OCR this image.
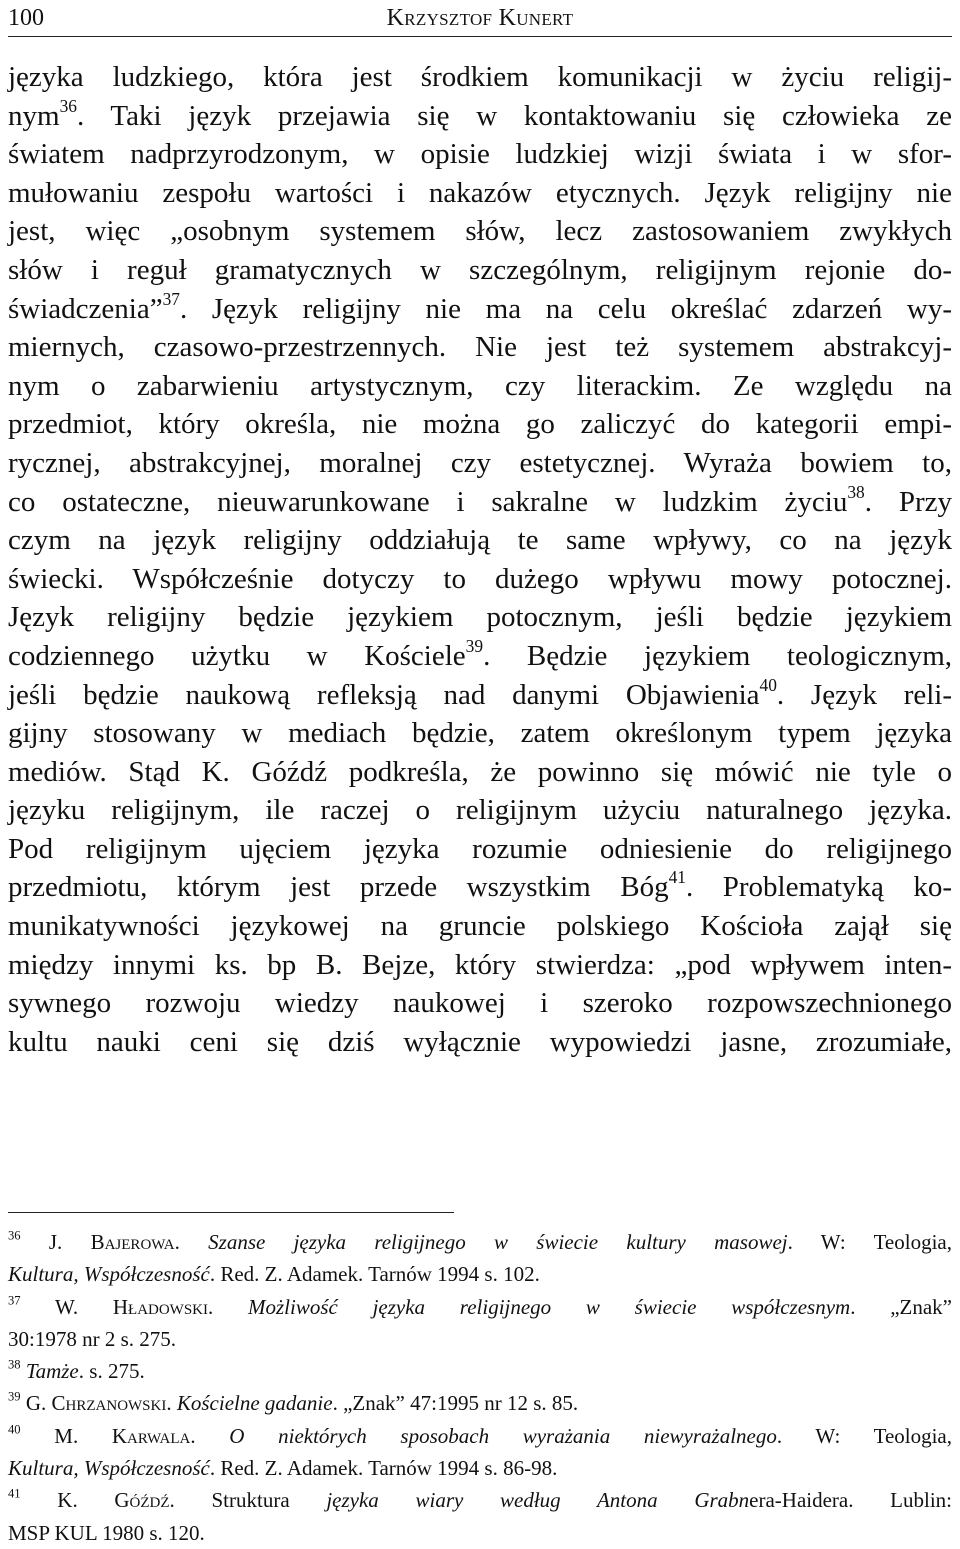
100	Krzysztof Kunert
języka ludzkiego, która jest środkiem komunikacji w życiu religij-
nym$^{36}$. Taki język przejawia się w kontaktowaniu się człowieka ze
światem nadprzyrodzonym, w opisie ludzkiej wizji świata i w sfor-
mułowaniu zespołu wartości i nakazów etycznych. Język religijny nie
jest, więc „osobnym systemem słów, lecz zastosowaniem zwykłych
słów i reguł gramatycznych w szczególnym, religijnym rejonie do-
świadczenia”$^{37}$. Język religijny nie ma na celu określać zdarzeń wy-
miernych, czasowo-przestrzennych. Nie jest też systemem abstrakcyj-
nym o zabarwieniu artystycznym, czy literackim. Ze względu na
przedmiot, który określa, nie można go zaliczyć do kategorii empi-
rycznej, abstrakcyjnej, moralnej czy estetycznej. Wyraża bowiem to,
co ostateczne, nieuwarunkowane i sakralne w ludzkim życiu$^{38}$. Przy
czym na język religijny oddziałują te same wpływy, co na język
świecki. Współcześnie dotyczy to dużego wpływu mowy potocznej.
Język religijny będzie językiem potocznym, jeśli będzie językiem
codziennego użytku w Kościele$^{39}$. Będzie językiem teologicznym,
jeśli będzie naukową refleksją nad danymi Objawienia$^{40}$. Język reli-
gijny stosowany w mediach będzie, zatem określonym typem języka
mediów. Stąd K. Góźdź podkreśla, że powinno się mówić nie tyle o
języku religijnym, ile raczej o religijnym użyciu naturalnego języka.
Pod religijnym ujęciem języka rozumie odniesienie do religijnego
przedmiotu, którym jest przede wszystkim Bóg$^{41}$. Problematyką ko-
munikatywności językowej na gruncie polskiego Kościoła zajął się
między innymi ks. bp B. Bejze, który stwierdza: „pod wpływem inten-
sywnego rozwoju wiedzy naukowej i szeroko rozpowszechnionego
kultu nauki ceni się dziś wyłącznie wypowiedzi jasne, zrozumiałe,
$^{36}$ J. Bajerowa. Szanse języka religijnego w świecie kultury masowej. W: Teologia,
Kultura, Współczesność. Red. Z. Adamek. Tarnów 1994 s. 102.
$^{37}$ W. Hładowski. Możliwość języka religijnego w świecie współczesnym. „Znak”
30:1978 nr 2 s. 275.
$^{38}$ Tamże. s. 275.
$^{39}$ G. Chrzanowski. Kościelne gadanie. „Znak” 47:1995 nr 12 s. 85.
$^{40}$ M. Karwala. O niektórych sposobach wyrażania niewyrażalnego. W: Teologia,
Kultura, Współczesność. Red. Z. Adamek. Tarnów 1994 s. 86-98.
$^{41}$ K. Góźdź. Struktura języka wiary według Antona Grabnera-Haidera. Lublin:
MSP KUL 1980 s. 120.
